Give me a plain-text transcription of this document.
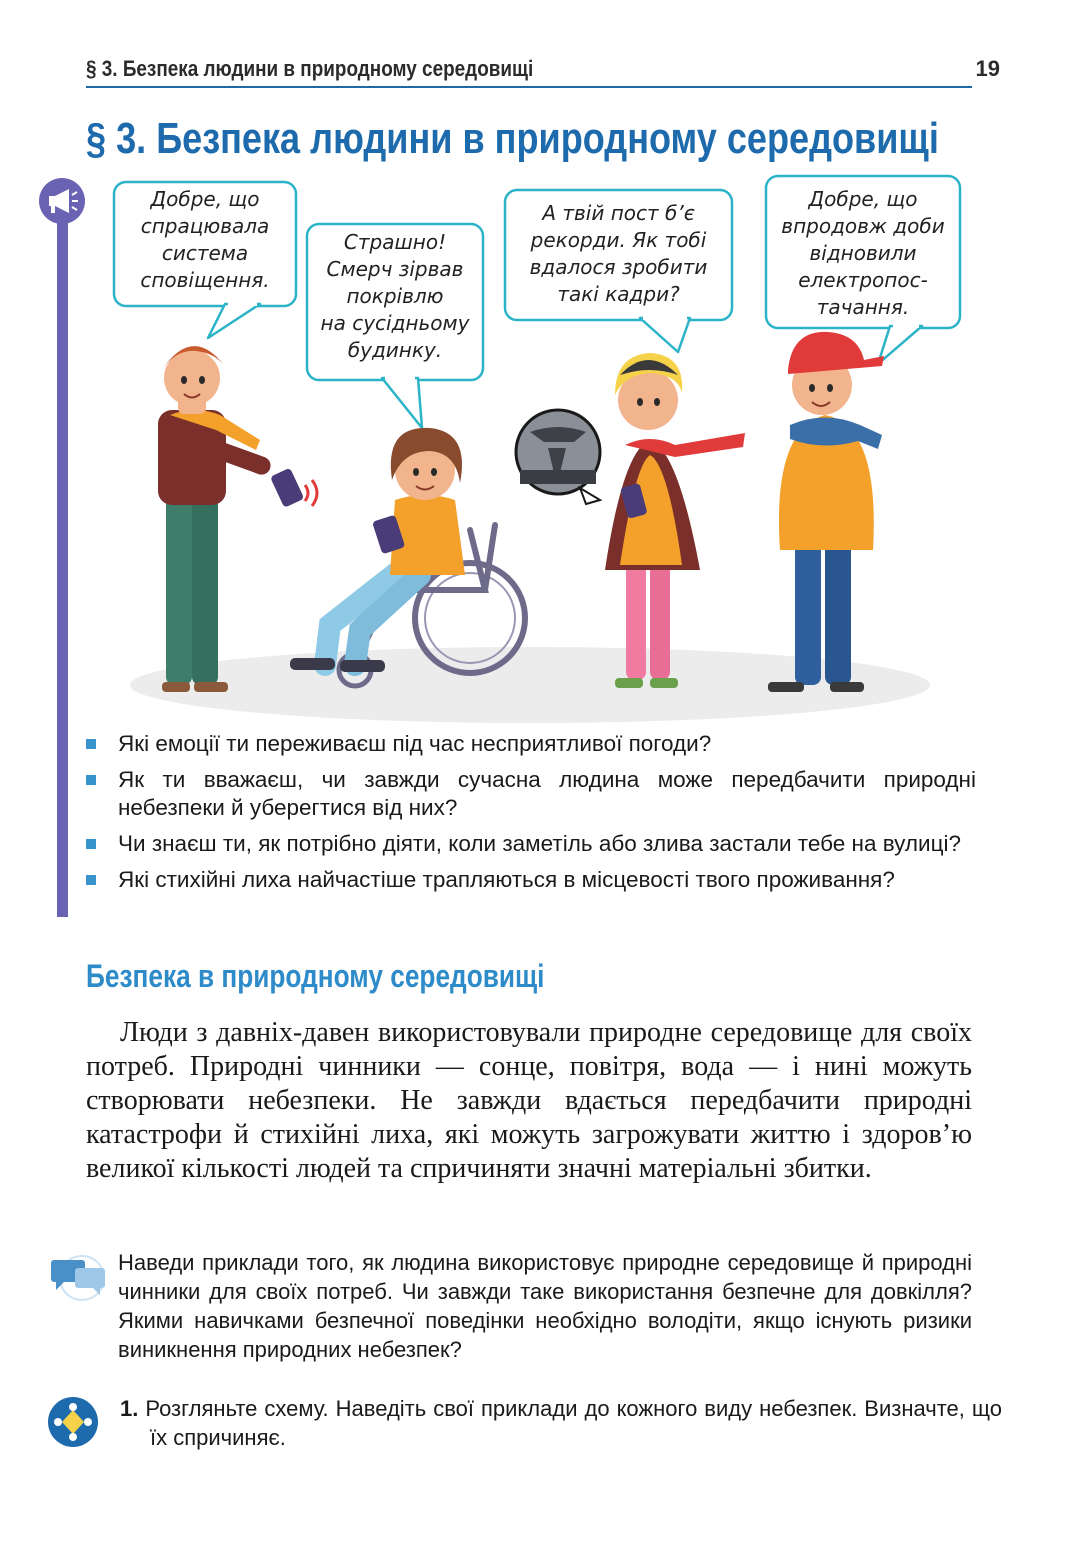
§ 3. Безпека людини в природному середовищі	19
§ 3. Безпека людини в природному середовищі
Добре, що
спрацювала
система
сповіщення.
Страшно!
Смерч зірвав
покрівлю
на сусідньому
будинку.
А твій пост б’є
рекорди. Як тобі
вдалося зробити
такі кадри?
Добре, що
впродовж доби
відновили
електропос-
тачання.
Які емоції ти переживаєш під час несприятливої погоди?
Як ти вважаєш, чи завжди сучасна людина може передбачити природні небезпеки й уберегтися від них?
Чи знаєш ти, як потрібно діяти, коли заметіль або злива застали тебе на вулиці?
Які стихійні лиха найчастіше трапляються в місцевості твого проживання?
Безпека в природному середовищі

Люди з давніх-давен використовували природне середовище для своїх потреб. Природні чинники — сонце, повітря, вода — і нині можуть створювати небезпеки. Не завжди вдається передбачити природні катастрофи й стихійні лиха, які можуть загрожувати життю і здоров’ю великої кількості людей та спричиняти значні матеріальні збитки.

Наведи приклади того, як людина використовує природне середовище й природні чинники для своїх потреб. Чи завжди таке використання безпечне для довкілля? Якими навичками безпечної поведінки необхідно володіти, якщо існують ризики виникнення природних небезпек?

1. Розгляньте схему. Наведіть свої приклади до кожного виду небезпек. Визначте, що їх спричиняє.
